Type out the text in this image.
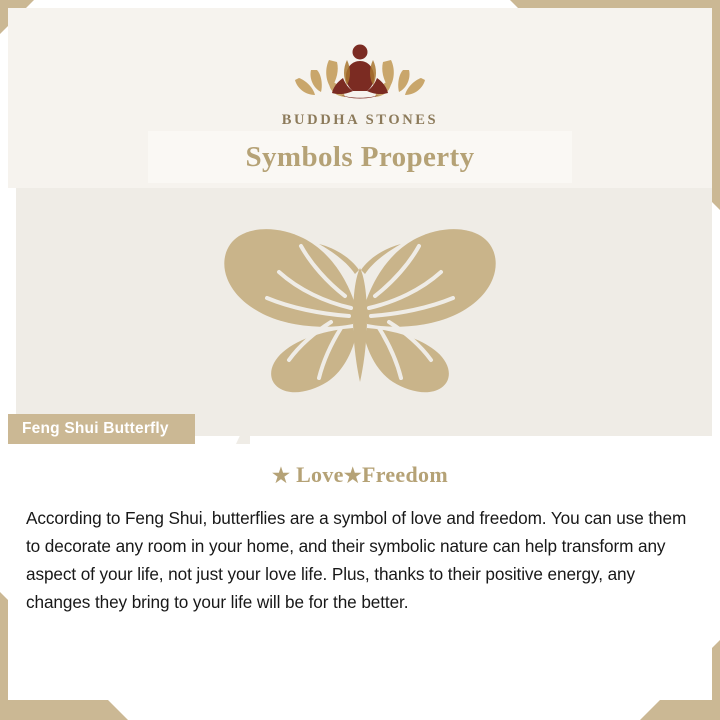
BUDDHA STONES
Symbols Property
Feng Shui Butterfly
★ Love★Freedom

According to Feng Shui, butterflies are a symbol of love and freedom. You can use them to decorate any room in your home, and their symbolic nature can help transform any aspect of your life, not just your love life. Plus, thanks to their positive energy, any changes they bring to your life will be for the better.
